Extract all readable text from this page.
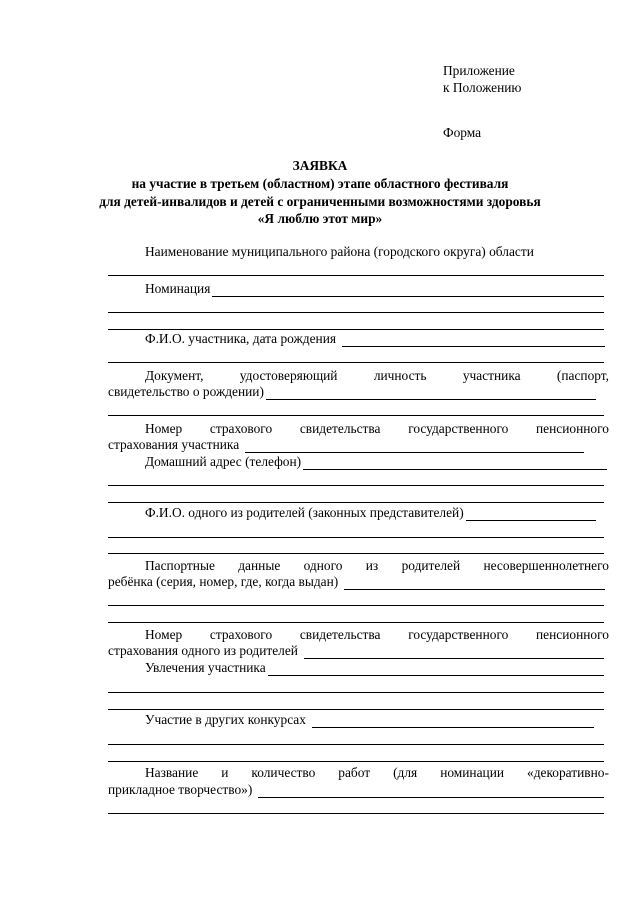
Приложение
к Положению
Форма
ЗАЯВКА
на участие в третьем (областном) этапе областного фестиваля
для детей-инвалидов и детей с ограниченными возможностями здоровья
«Я люблю этот мир»
Наименование муниципального района (городского округа) области
Номинация
Ф.И.О. участника, дата рождения
Документ,	удостоверяющий	личность	участника	(паспорт,
свидетельство о рождении)
Номер страхового свидетельства государственного пенсионного
страхования участника
Домашний адрес (телефон)
Ф.И.О. одного из родителей (законных представителей)
Паспортные данные одного из родителей несовершеннолетнего
ребёнка (серия, номер, где, когда выдан)
Номер страхового свидетельства государственного пенсионного
страхования одного из родителей
Увлечения участника
Участие в других конкурсах
Название и количество работ (для номинации «декоративно-
прикладное творчество»)
